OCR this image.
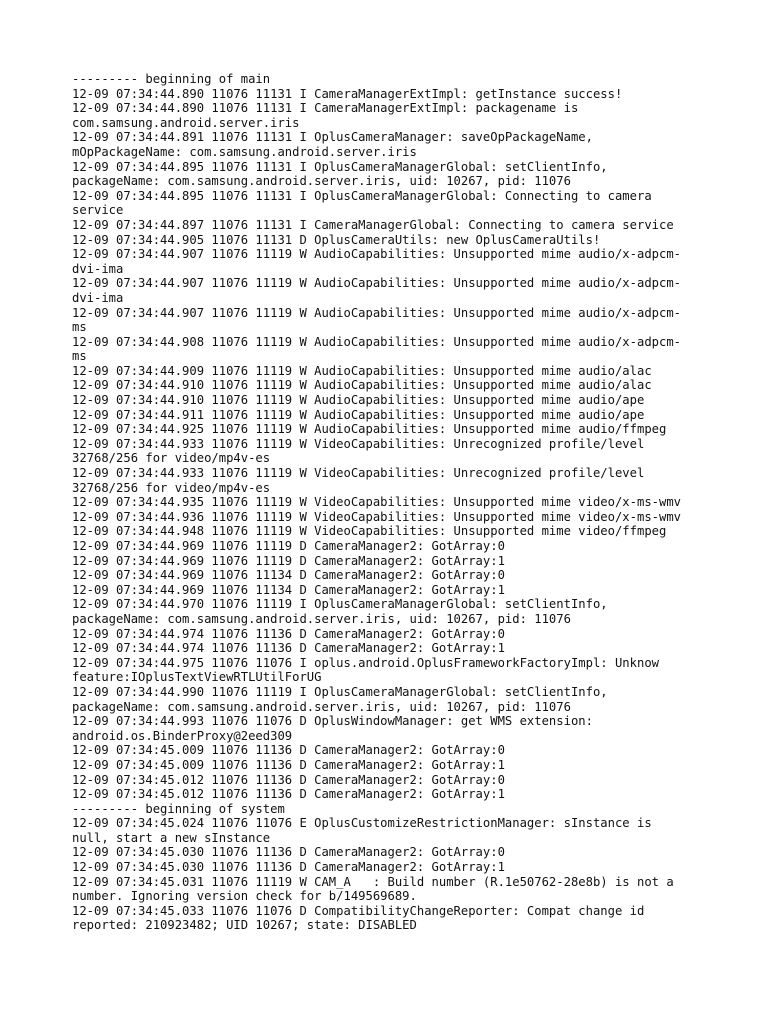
--------- beginning of main
12-09 07:34:44.890 11076 11131 I CameraManagerExtImpl: getInstance success!
12-09 07:34:44.890 11076 11131 I CameraManagerExtImpl: packagename is
com.samsung.android.server.iris
12-09 07:34:44.891 11076 11131 I OplusCameraManager: saveOpPackageName,
mOpPackageName: com.samsung.android.server.iris
12-09 07:34:44.895 11076 11131 I OplusCameraManagerGlobal: setClientInfo,
packageName: com.samsung.android.server.iris, uid: 10267, pid: 11076
12-09 07:34:44.895 11076 11131 I OplusCameraManagerGlobal: Connecting to camera
service
12-09 07:34:44.897 11076 11131 I CameraManagerGlobal: Connecting to camera service
12-09 07:34:44.905 11076 11131 D OplusCameraUtils: new OplusCameraUtils!
12-09 07:34:44.907 11076 11119 W AudioCapabilities: Unsupported mime audio/x-adpcm-
dvi-ima
12-09 07:34:44.907 11076 11119 W AudioCapabilities: Unsupported mime audio/x-adpcm-
dvi-ima
12-09 07:34:44.907 11076 11119 W AudioCapabilities: Unsupported mime audio/x-adpcm-
ms
12-09 07:34:44.908 11076 11119 W AudioCapabilities: Unsupported mime audio/x-adpcm-
ms
12-09 07:34:44.909 11076 11119 W AudioCapabilities: Unsupported mime audio/alac
12-09 07:34:44.910 11076 11119 W AudioCapabilities: Unsupported mime audio/alac
12-09 07:34:44.910 11076 11119 W AudioCapabilities: Unsupported mime audio/ape
12-09 07:34:44.911 11076 11119 W AudioCapabilities: Unsupported mime audio/ape
12-09 07:34:44.925 11076 11119 W AudioCapabilities: Unsupported mime audio/ffmpeg
12-09 07:34:44.933 11076 11119 W VideoCapabilities: Unrecognized profile/level
32768/256 for video/mp4v-es
12-09 07:34:44.933 11076 11119 W VideoCapabilities: Unrecognized profile/level
32768/256 for video/mp4v-es
12-09 07:34:44.935 11076 11119 W VideoCapabilities: Unsupported mime video/x-ms-wmv
12-09 07:34:44.936 11076 11119 W VideoCapabilities: Unsupported mime video/x-ms-wmv
12-09 07:34:44.948 11076 11119 W VideoCapabilities: Unsupported mime video/ffmpeg
12-09 07:34:44.969 11076 11119 D CameraManager2: GotArray:0
12-09 07:34:44.969 11076 11119 D CameraManager2: GotArray:1
12-09 07:34:44.969 11076 11134 D CameraManager2: GotArray:0
12-09 07:34:44.969 11076 11134 D CameraManager2: GotArray:1
12-09 07:34:44.970 11076 11119 I OplusCameraManagerGlobal: setClientInfo,
packageName: com.samsung.android.server.iris, uid: 10267, pid: 11076
12-09 07:34:44.974 11076 11136 D CameraManager2: GotArray:0
12-09 07:34:44.974 11076 11136 D CameraManager2: GotArray:1
12-09 07:34:44.975 11076 11076 I oplus.android.OplusFrameworkFactoryImpl: Unknow
feature:IOplusTextViewRTLUtilForUG
12-09 07:34:44.990 11076 11119 I OplusCameraManagerGlobal: setClientInfo,
packageName: com.samsung.android.server.iris, uid: 10267, pid: 11076
12-09 07:34:44.993 11076 11076 D OplusWindowManager: get WMS extension:
android.os.BinderProxy@2eed309
12-09 07:34:45.009 11076 11136 D CameraManager2: GotArray:0
12-09 07:34:45.009 11076 11136 D CameraManager2: GotArray:1
12-09 07:34:45.012 11076 11136 D CameraManager2: GotArray:0
12-09 07:34:45.012 11076 11136 D CameraManager2: GotArray:1
--------- beginning of system
12-09 07:34:45.024 11076 11076 E OplusCustomizeRestrictionManager: sInstance is
null, start a new sInstance
12-09 07:34:45.030 11076 11136 D CameraManager2: GotArray:0
12-09 07:34:45.030 11076 11136 D CameraManager2: GotArray:1
12-09 07:34:45.031 11076 11119 W CAM_A   : Build number (R.1e50762-28e8b) is not a
number. Ignoring version check for b/149569689.
12-09 07:34:45.033 11076 11076 D CompatibilityChangeReporter: Compat change id
reported: 210923482; UID 10267; state: DISABLED
